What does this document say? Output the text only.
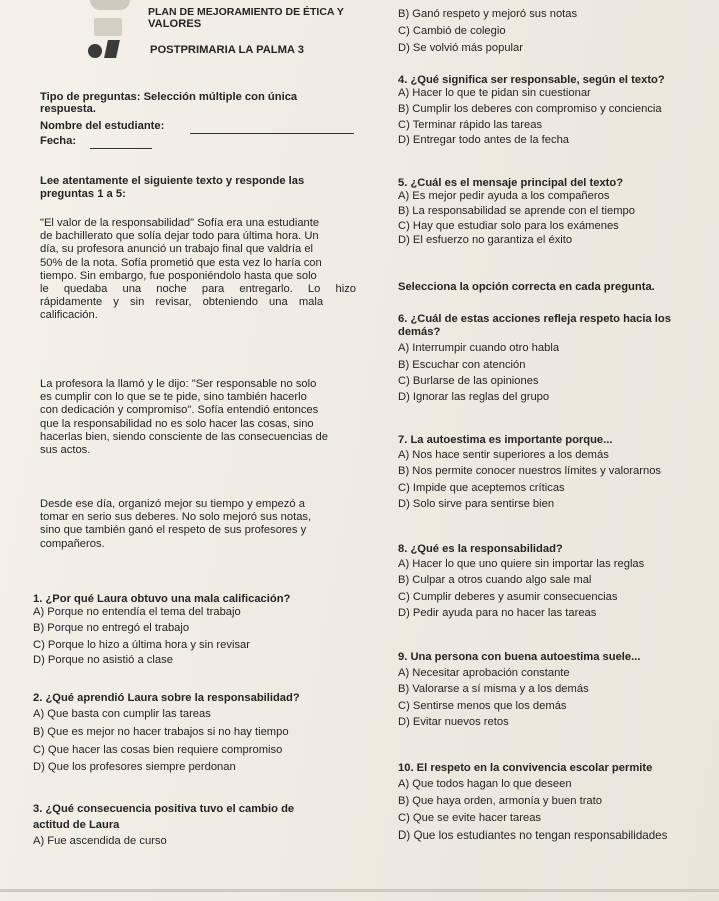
PLAN DE MEJORAMIENTO DE ÉTICA Y
VALORES
POSTPRIMARIA LA PALMA 3
Tipo de preguntas: Selección múltiple con única
respuesta.
Nombre del estudiante:
Fecha:
Lee atentamente el siguiente texto y responde las
preguntas 1 a 5:
"El valor de la responsabilidad" Sofía era una estudiante
de bachillerato que solía dejar todo para última hora. Un
día, su profesora anunció un trabajo final que valdría el
50% de la nota. Sofía prometió que esta vez lo haría con
tiempo. Sin embargo, fue posponiéndolo hasta que solo
le quedaba una noche para entregarlo. Lo hizo
rápidamente y sin revisar, obteniendo una mala
calificación.
La profesora la llamó y le dijo: "Ser responsable no solo
es cumplir con lo que se te pide, sino también hacerlo
con dedicación y compromiso". Sofía entendió entonces
que la responsabilidad no es solo hacer las cosas, sino
hacerlas bien, siendo consciente de las consecuencias de
sus actos.
Desde ese día, organizó mejor su tiempo y empezó a
tomar en serio sus deberes. No solo mejoró sus notas,
sino que también ganó el respeto de sus profesores y
compañeros.
1. ¿Por qué Laura obtuvo una mala calificación?
A) Porque no entendía el tema del trabajo
B) Porque no entregó el trabajo
C) Porque lo hizo a última hora y sin revisar
D) Porque no asistió a clase
2. ¿Qué aprendió Laura sobre la responsabilidad?
A) Que basta con cumplir las tareas
B) Que es mejor no hacer trabajos si no hay tiempo
C) Que hacer las cosas bien requiere compromiso
D) Que los profesores siempre perdonan
3. ¿Qué consecuencia positiva tuvo el cambio de
actitud de Laura
A) Fue ascendida de curso
B) Ganó respeto y mejoró sus notas
C) Cambió de colegio
D) Se volvió más popular
4. ¿Qué significa ser responsable, según el texto?
A) Hacer lo que te pidan sin cuestionar
B) Cumplir los deberes con compromiso y conciencia
C) Terminar rápido las tareas
D) Entregar todo antes de la fecha
5. ¿Cuál es el mensaje principal del texto?
A) Es mejor pedir ayuda a los compañeros
B) La responsabilidad se aprende con el tiempo
C) Hay que estudiar solo para los exámenes
D) El esfuerzo no garantiza el éxito
Selecciona la opción correcta en cada pregunta.
6. ¿Cuál de estas acciones refleja respeto hacia los
demás?
A) Interrumpir cuando otro habla
B) Escuchar con atención
C) Burlarse de las opiniones
D) Ignorar las reglas del grupo
7. La autoestima es importante porque...
A) Nos hace sentir superiores a los demás
B) Nos permite conocer nuestros límites y valorarnos
C) Impide que aceptemos críticas
D) Solo sirve para sentirse bien
8. ¿Qué es la responsabilidad?
A) Hacer lo que uno quiere sin importar las reglas
B) Culpar a otros cuando algo sale mal
C) Cumplir deberes y asumir consecuencias
D) Pedir ayuda para no hacer las tareas
9. Una persona con buena autoestima suele...
A) Necesitar aprobación constante
B) Valorarse a sí misma y a los demás
C) Sentirse menos que los demás
D) Evitar nuevos retos
10. El respeto en la convivencia escolar permite
A) Que todos hagan lo que deseen
B) Que haya orden, armonía y buen trato
C) Que se evite hacer tareas
D) Que los estudiantes no tengan responsabilidades
